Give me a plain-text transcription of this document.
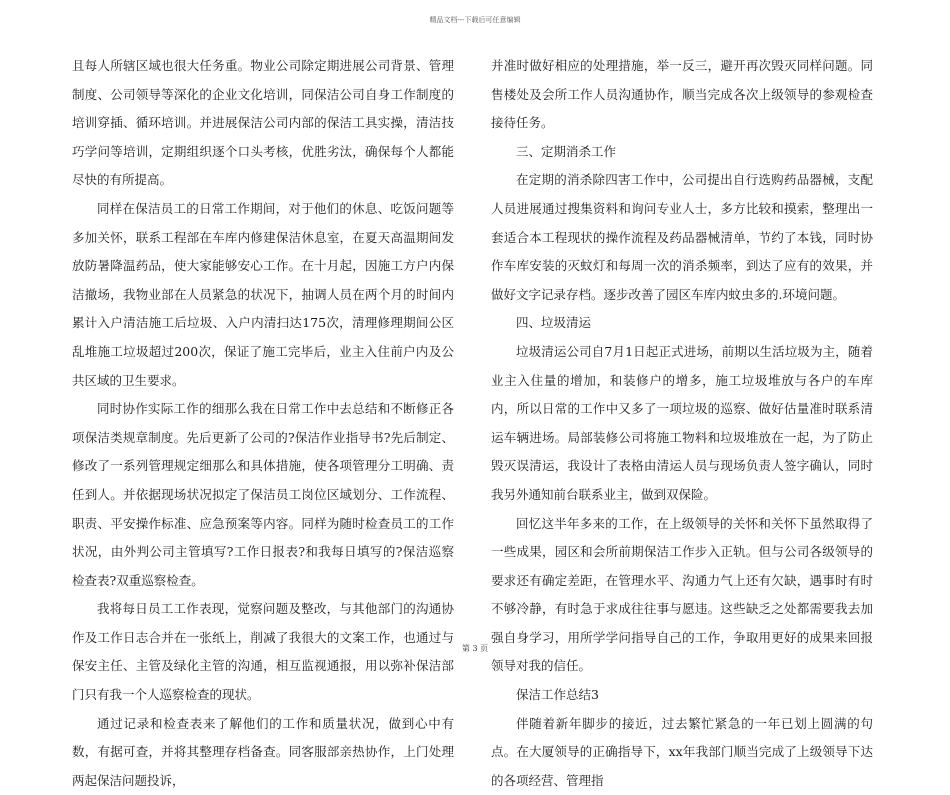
精品文档---下载后可任意编辑

且每人所辖区域也很大任务重。物业公司除定期进展公司背景、管理制度、公司领导等深化的企业文化培训，同保洁公司自身工作制度的培训穿插、循环培训。并进展保洁公司内部的保洁工具实操，清洁技巧学问等培训，定期组织逐个口头考核，优胜劣汰，确保每个人都能尽快的有所提高。

同样在保洁员工的日常工作期间，对于他们的休息、吃饭问题等多加关怀，联系工程部在车库内修建保洁休息室，在夏天高温期间发放防暑降温药品，使大家能够安心工作。在十月起，因施工方户内保洁撤场，我物业部在人员紧急的状况下，抽调人员在两个月的时间内累计入户清洁施工后垃圾、入户内清扫达175次，清理修理期间公区乱堆施工垃圾超过200次，保证了施工完毕后，业主入住前户内及公共区域的卫生要求。

同时协作实际工作的细那么我在日常工作中去总结和不断修正各项保洁类规章制度。先后更新了公司的?保洁作业指导书?先后制定、修改了一系列管理规定细那么和具体措施，使各项管理分工明确、责任到人。并依据现场状况拟定了保洁员工岗位区域划分、工作流程、职责、平安操作标准、应急预案等内容。同样为随时检查员工的工作状况，由外判公司主管填写?工作日报表?和我每日填写的?保洁巡察检查表?双重巡察检查。

我将每日员工工作表现，觉察问题及整改，与其他部门的沟通协作及工作日志合并在一张纸上，削减了我很大的文案工作，也通过与保安主任、主管及绿化主管的沟通，相互监视通报，用以弥补保洁部门只有我一个人巡察检查的现状。

通过记录和检查表来了解他们的工作和质量状况，做到心中有数，有据可查，并将其整理存档备查。同客服部亲热协作，上门处理两起保洁问题投诉，

并准时做好相应的处理措施，举一反三，避开再次毁灭同样问题。同售楼处及会所工作人员沟通协作，顺当完成各次上级领导的参观检查接待任务。

三、定期消杀工作

在定期的消杀除四害工作中，公司提出自行选购药品器械，支配人员进展通过搜集资料和询问专业人士，多方比较和摸索，整理出一套适合本工程现状的操作流程及药品器械清单，节约了本钱，同时协作车库安装的灭蚊灯和每周一次的消杀频率，到达了应有的效果，并做好文字记录存档。逐步改善了园区车库内蚊虫多的.环境问题。

四、垃圾清运

垃圾清运公司自7月1日起正式进场，前期以生活垃圾为主，随着业主入住量的增加，和装修户的增多，施工垃圾堆放与各户的车库内，所以日常的工作中又多了一项垃圾的巡察、做好估量准时联系清运车辆进场。局部装修公司将施工物料和垃圾堆放在一起，为了防止毁灭误清运，我设计了表格由清运人员与现场负责人签字确认，同时我另外通知前台联系业主，做到双保险。

回忆这半年多来的工作，在上级领导的关怀和关怀下虽然取得了一些成果，园区和会所前期保洁工作步入正轨。但与公司各级领导的要求还有确定差距，在管理水平、沟通力气上还有欠缺，遇事时有时不够冷静，有时急于求成往往事与愿违。这些缺乏之处都需要我去加强自身学习，用所学学问指导自己的工作，争取用更好的成果来回报领导对我的信任。

保洁工作总结3

伴随着新年脚步的接近，过去繁忙紧急的一年已划上圆满的句点。在大厦领导的正确指导下，xx年我部门顺当完成了上级领导下达的各项经营、管理指

第 3 页
